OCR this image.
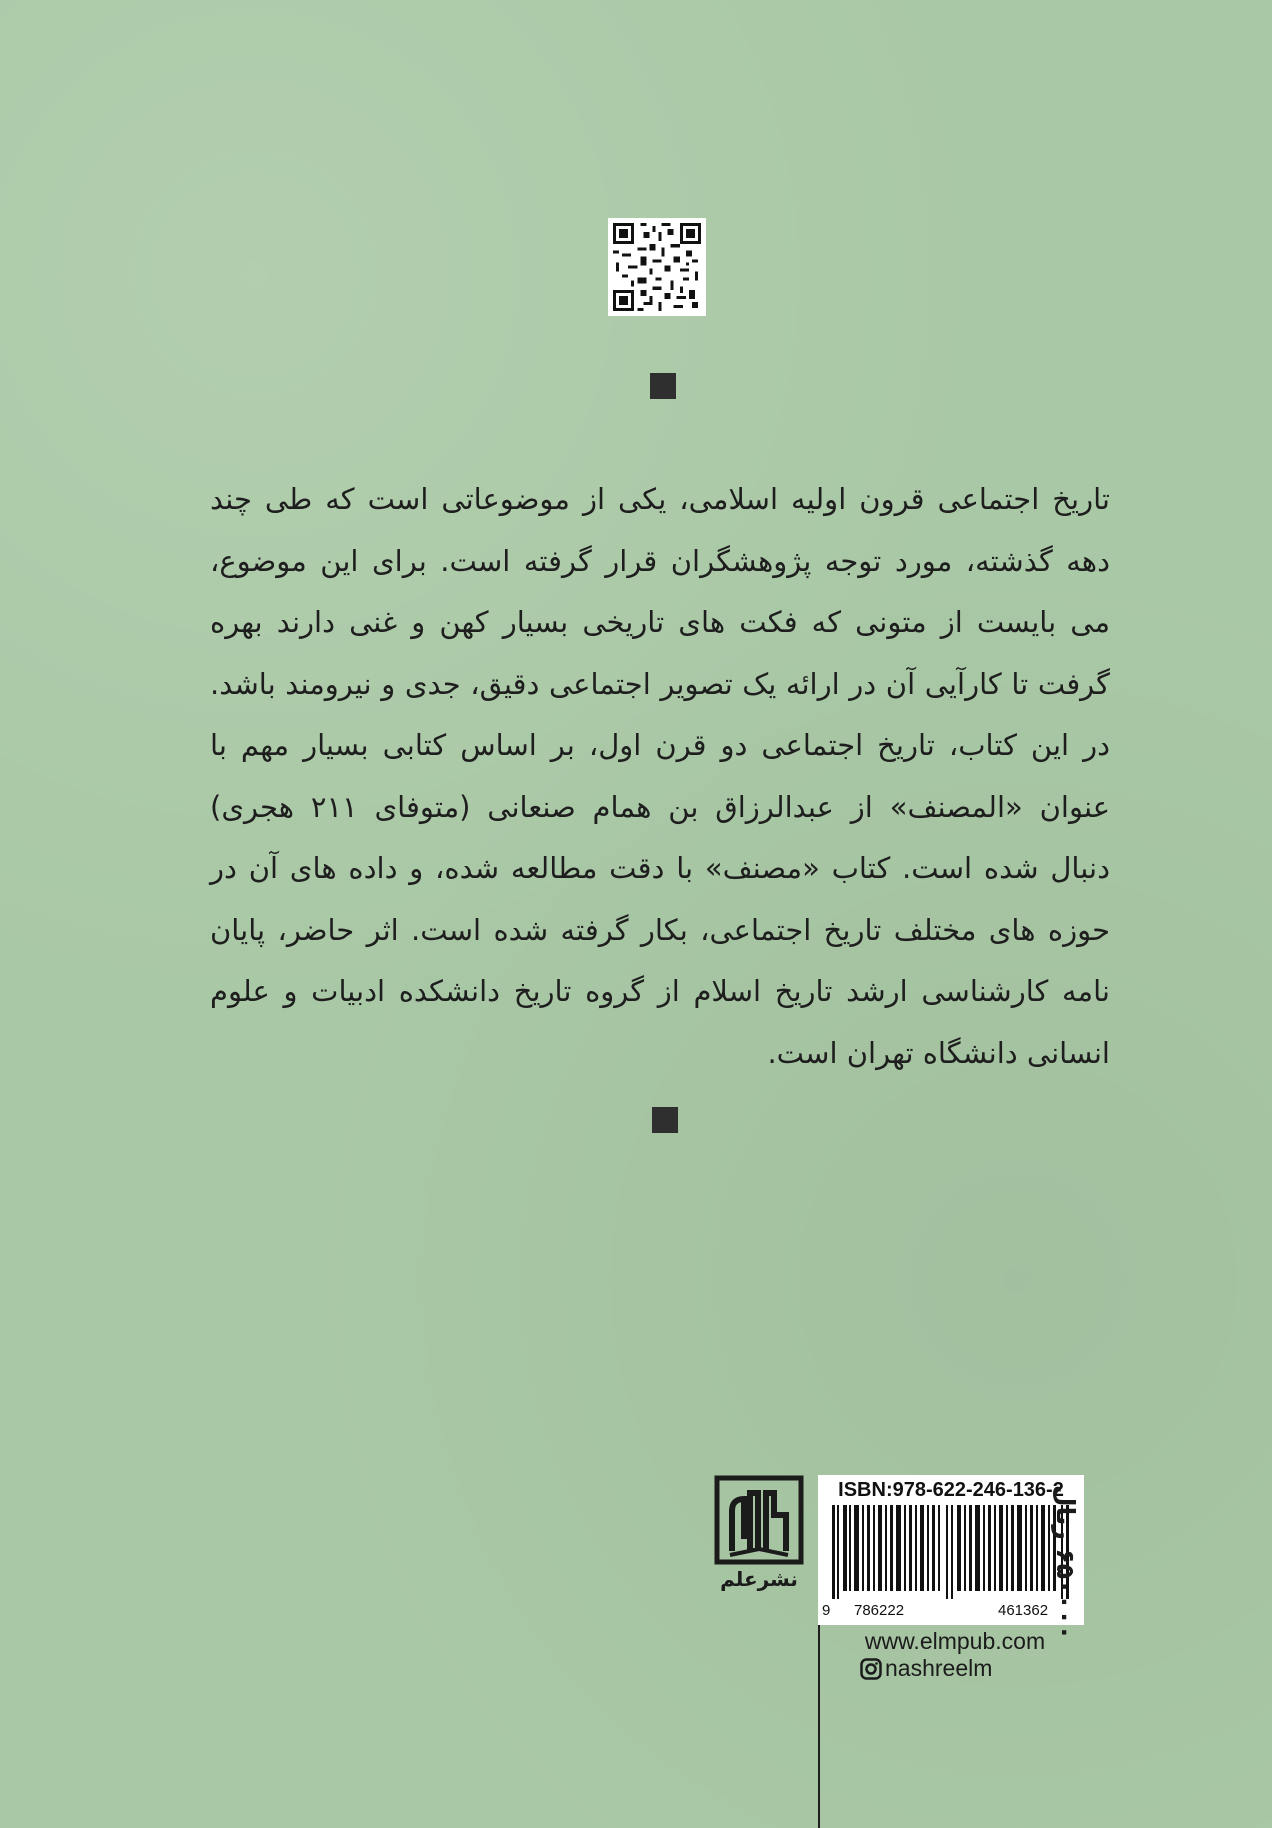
تاریخ اجتماعی قرون اولیه اسلامی، یکی از موضوعاتی است که طی چند دهه گذشته، مورد توجه پژوهشگران قرار گرفته است. برای این موضوع، می بایست از متونی که فکت های تاریخی بسیار کهن و غنی دارند بهره گرفت تا کارآیی آن در ارائه یک تصویر اجتماعی دقیق، جدی و نیرومند باشد. در این کتاب، تاریخ اجتماعی دو قرن اول، بر اساس کتابی بسیار مهم با عنوان «المصنف» از عبدالرزاق بن همام صنعانی (متوفای ۲۱۱ هجری) دنبال شده است. کتاب «مصنف» با دقت مطالعه شده، و داده های آن در حوزه های مختلف تاریخ اجتماعی، بکار گرفته شده است. اثر حاضر، پایان نامه کارشناسی ارشد تاریخ اسلام از گروه تاریخ دانشکده ادبیات و علوم انسانی دانشگاه تهران است.

نشرعلم
ISBN:978-622-246-136-2
9 786222	461362
۶۵۰۰۰۰ ریال
www.elmpub.com
nashreelm
